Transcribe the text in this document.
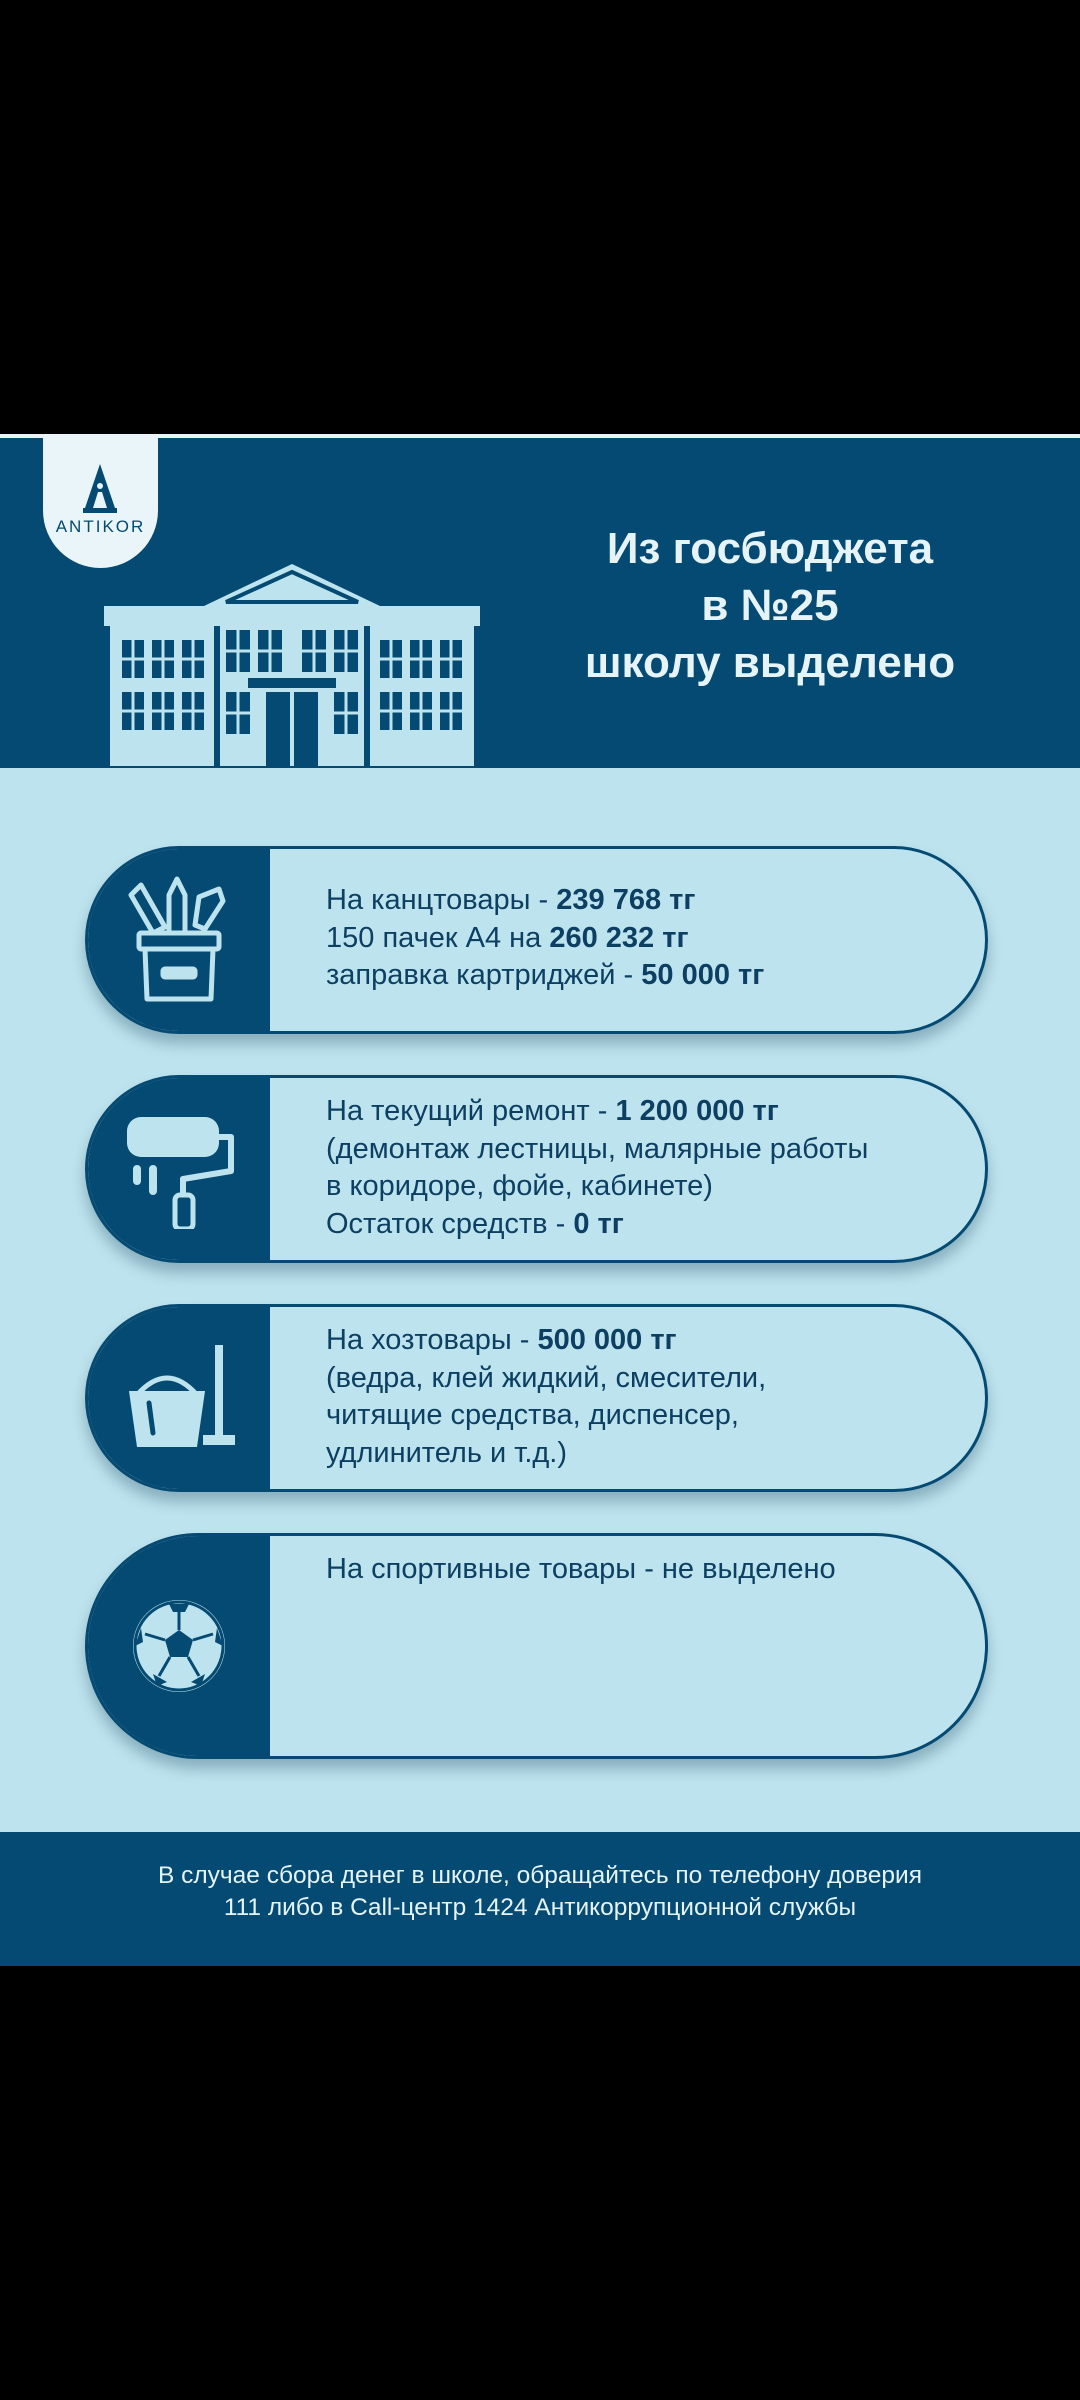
ANTIKOR	Из госбюджета
в №25
школу выделено
На канцтовары - 239 768 тг
150 пачек А4 на 260 232 тг
заправка картриджей - 50 000 тг
На текущий ремонт - 1 200 000 тг
(демонтаж лестницы, малярные работы
в коридоре, фойе, кабинете)
Остаток средств - 0 тг
На хозтовары - 500 000 тг
(ведра, клей жидкий, смесители,
читящие средства, диспенсер,
удлинитель и т.д.)
На спортивные товары - не выделено
В случае сбора денег в школе, обращайтесь по телефону доверия
111 либо в Call-центр 1424 Антикоррупционной службы
